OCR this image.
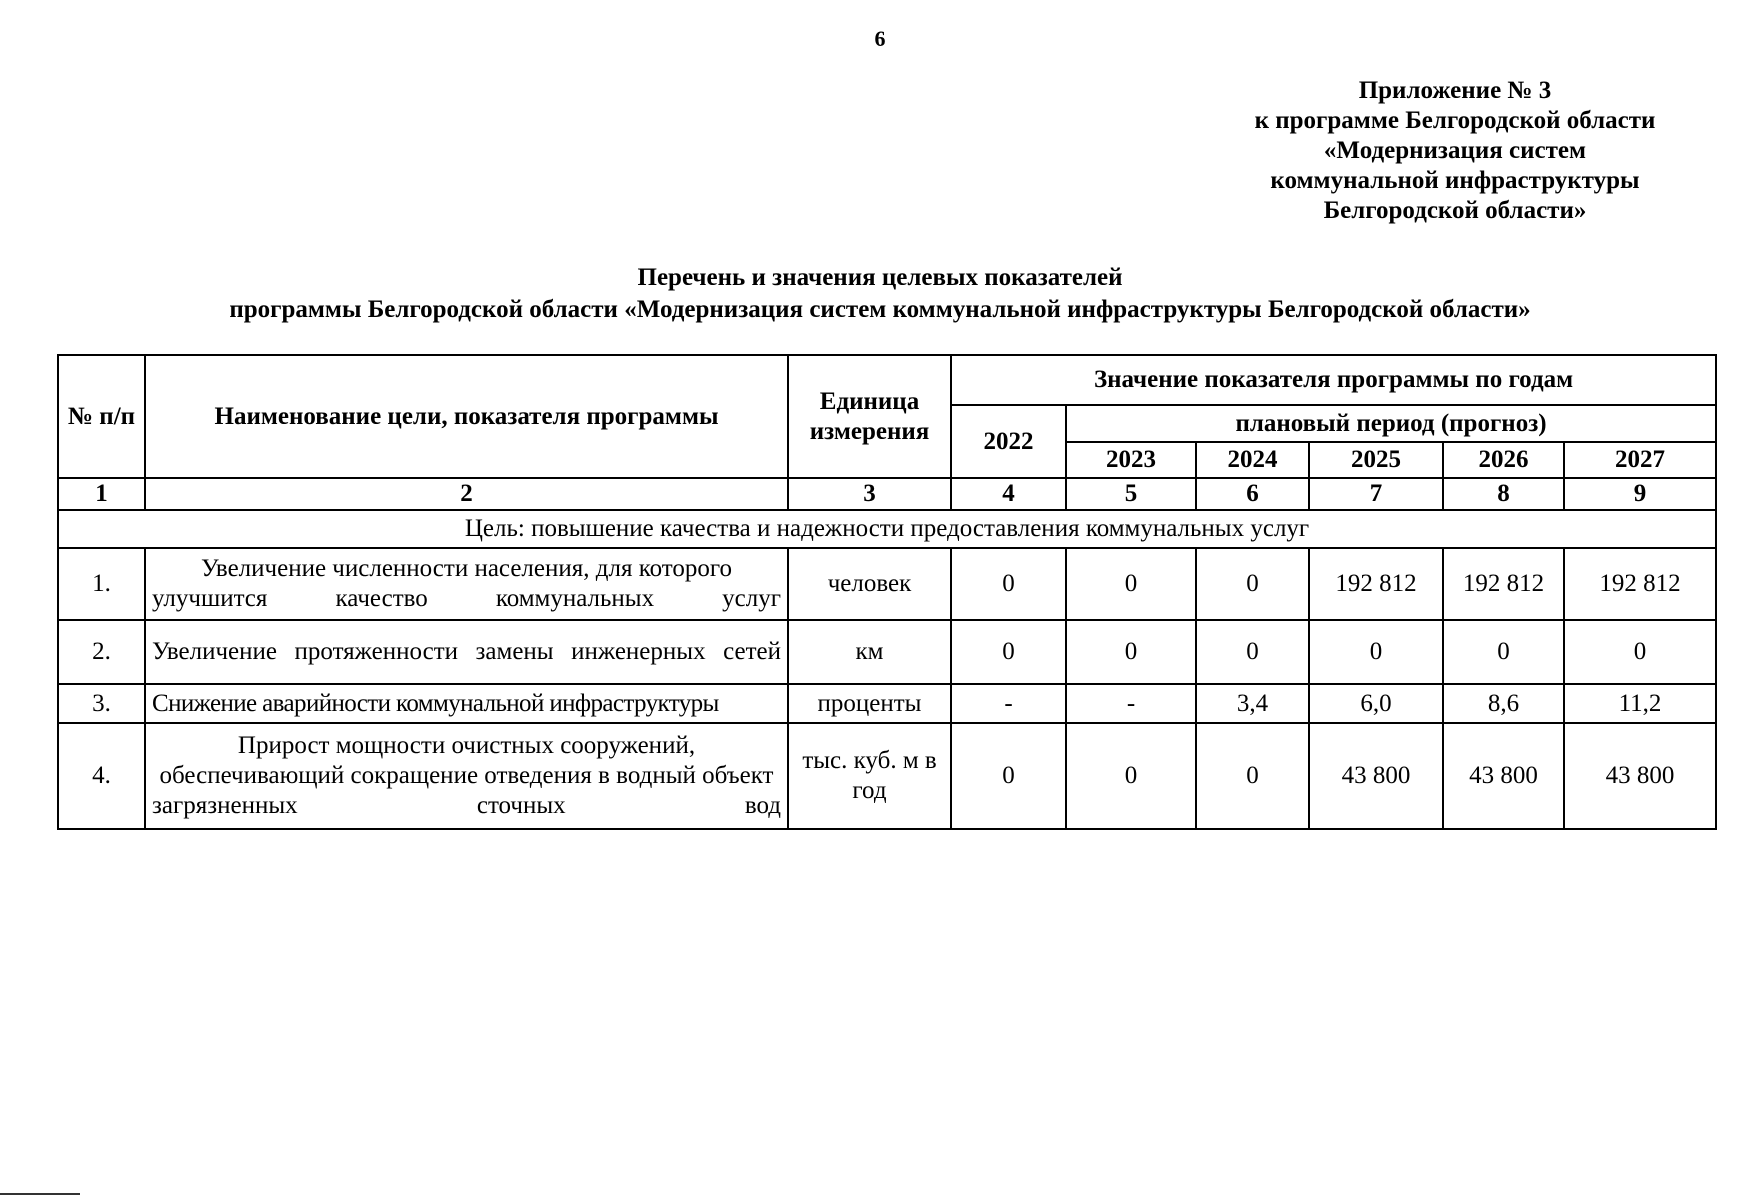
6
Приложение № 3
к программе Белгородской области
«Модернизация систем
коммунальной инфраструктуры
Белгородской области»
Перечень и значения целевых показателей
программы Белгородской области «Модернизация систем коммунальной инфраструктуры Белгородской области»
№ п/п	Наименование цели, показателя программы	Единица измерения	Значение показателя программы по годам					
			2022	плановый период (прогноз)				
				2023	2024	2025	2026	2027
1	2	3	4	5	6	7	8	9
Цель: повышение качества и надежности предоставления коммунальных услуг								
1.	Увеличение численности населения, для которого улучшится качество коммунальных услуг	человек	0	0	0	192 812	192 812	192 812
2.	Увеличение протяженности замены инженерных сетей	км	0	0	0	0	0	0
3.	Снижение аварийности коммунальной инфраструктуры	проценты	-	-	3,4	6,0	8,6	11,2
4.	Прирост мощности очистных сооружений, обеспечивающий сокращение отведения в водный объект загрязненных сточных вод	тыс. куб. м в год	0	0	0	43 800	43 800	43 800
